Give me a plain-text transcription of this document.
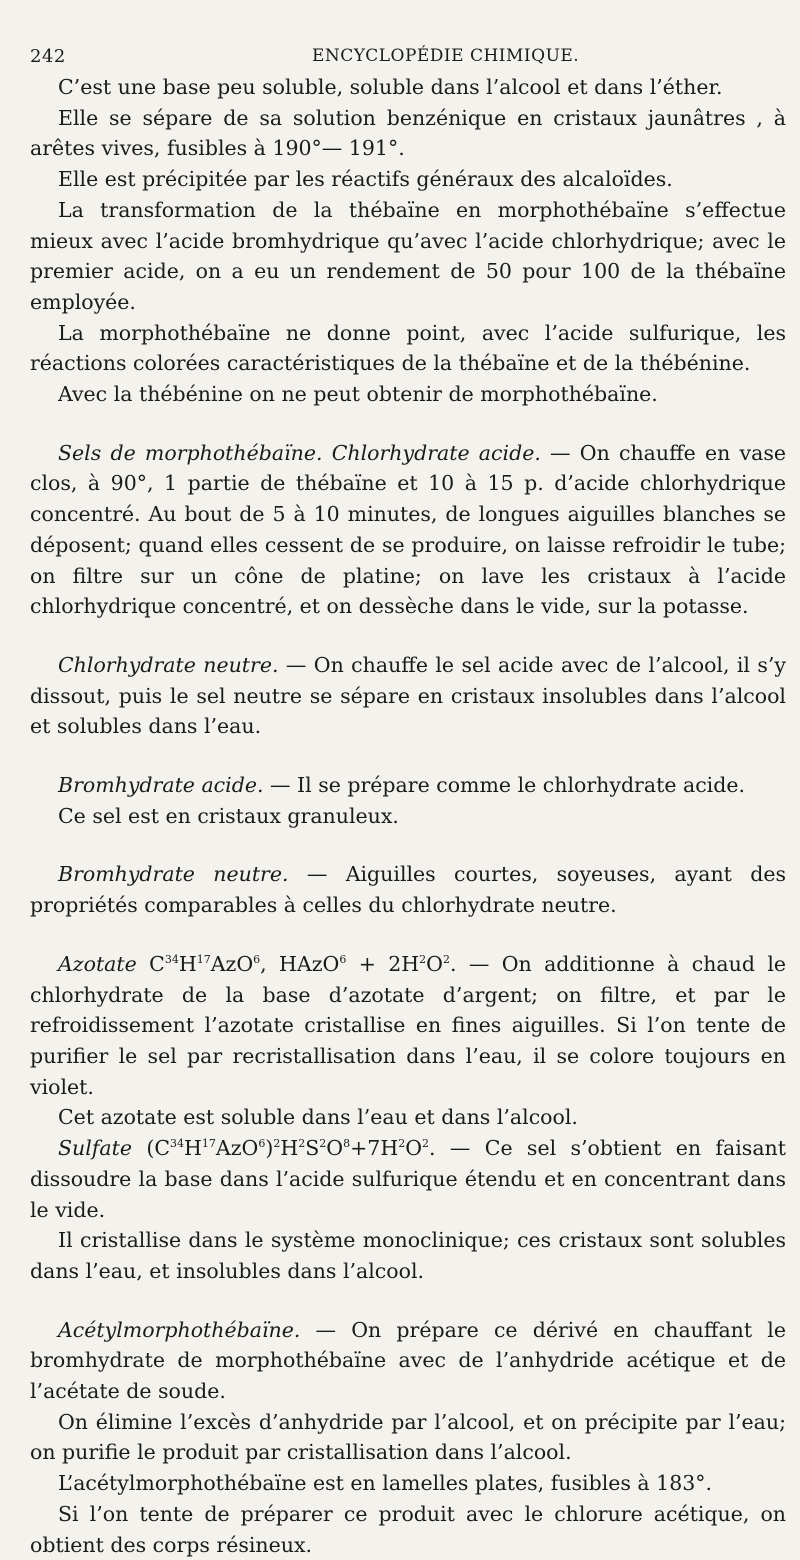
242	ENCYCLOPÉDIE CHIMIQUE.

C’est une base peu soluble, soluble dans l’alcool et dans l’éther.

Elle se sépare de sa solution benzénique en cristaux jaunâtres , à arêtes vives, fusibles à 190°— 191°.

Elle est précipitée par les réactifs généraux des alcaloïdes.

La transformation de la thébaïne en morphothébaïne s’effectue mieux avec l’acide bromhydrique qu’avec l’acide chlorhydrique; avec le premier acide, on a eu un rendement de 50 pour 100 de la thébaïne employée.

La morphothébaïne ne donne point, avec l’acide sulfurique, les réactions colorées caractéristiques de la thébaïne et de la thébénine.

Avec la thébénine on ne peut obtenir de morphothébaïne.

Sels de morphothébaïne. Chlorhydrate acide. — On chauffe en vase clos, à 90°, 1 partie de thébaïne et 10 à 15 p. d’acide chlorhydrique concentré. Au bout de 5 à 10 minutes, de longues aiguilles blanches se déposent; quand elles cessent de se produire, on laisse refroidir le tube; on filtre sur un cône de platine; on lave les cristaux à l’acide chlorhydrique concentré, et on dessèche dans le vide, sur la potasse.

Chlorhydrate neutre. — On chauffe le sel acide avec de l’alcool, il s’y dissout, puis le sel neutre se sépare en cristaux insolubles dans l’alcool et solubles dans l’eau.

Bromhydrate acide. — Il se prépare comme le chlorhydrate acide.

Ce sel est en cristaux granuleux.

Bromhydrate neutre. — Aiguilles courtes, soyeuses, ayant des propriétés comparables à celles du chlorhydrate neutre.

Azotate $C^{34}H^{17}AzO^6$, HAzO$^6$ + $2H^2O^2$. — On additionne à chaud le chlorhydrate de la base d’azotate d’argent; on filtre, et par le refroidissement l’azotate cristallise en fines aiguilles. Si l’on tente de purifier le sel par recristallisation dans l’eau, il se colore toujours en violet.

Cet azotate est soluble dans l’eau et dans l’alcool.

Sulfate $(C^{34}H^{17}AzO^6)^2H^2S^2O^8+7H^2O^2$. — Ce sel s’obtient en faisant dissoudre la base dans l’acide sulfurique étendu et en concentrant dans le vide.

Il cristallise dans le système monoclinique; ces cristaux sont solubles dans l’eau, et insolubles dans l’alcool.

Acétylmorphothébaïne. — On prépare ce dérivé en chauffant le bromhydrate de morphothébaïne avec de l’anhydride acétique et de l’acétate de soude.

On élimine l’excès d’anhydride par l’alcool, et on précipite par l’eau; on purifie le produit par cristallisation dans l’alcool.

L’acétylmorphothébaïne est en lamelles plates, fusibles à 183°.

Si l’on tente de préparer ce produit avec le chlorure acétique, on obtient des corps résineux.
